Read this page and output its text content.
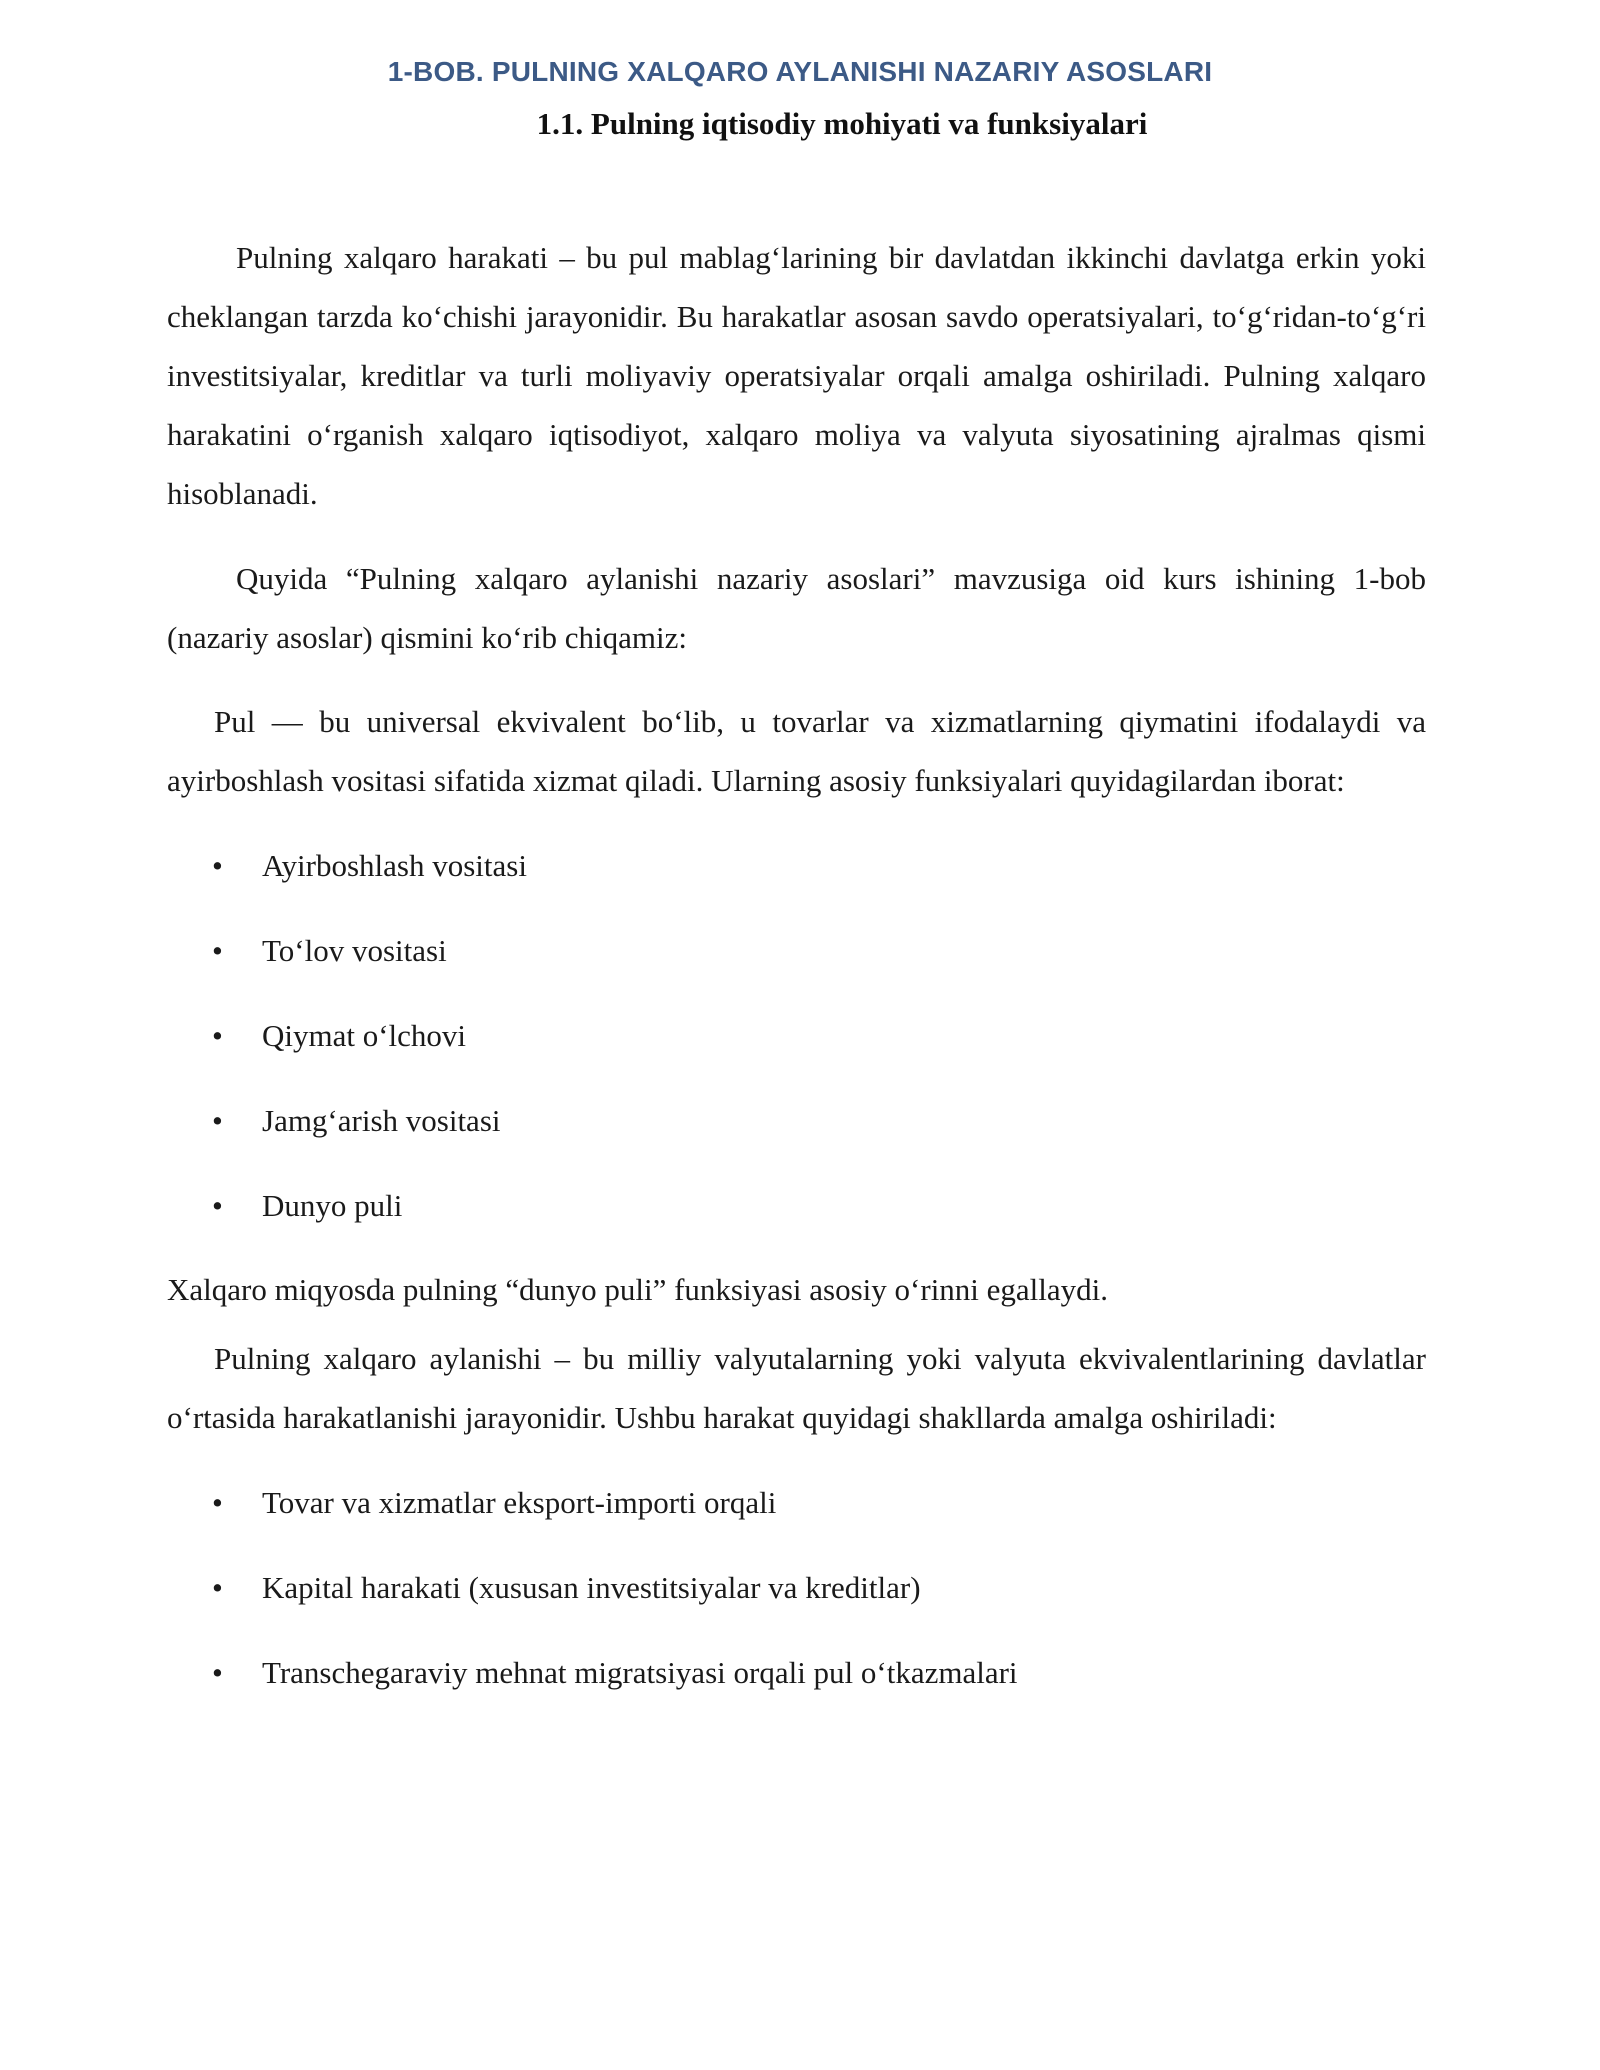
1-BOB. PULNING XALQARO AYLANISHI NAZARIY ASOSLARI
1.1. Pulning iqtisodiy mohiyati va funksiyalari

Pulning xalqaro harakati – bu pul mablag‘larining bir davlatdan ikkinchi davlatga erkin yoki cheklangan tarzda ko‘chishi jarayonidir. Bu harakatlar asosan savdo operatsiyalari, to‘g‘ridan-to‘g‘ri investitsiyalar, kreditlar va turli moliyaviy operatsiyalar orqali amalga oshiriladi. Pulning xalqaro harakatini o‘rganish xalqaro iqtisodiyot, xalqaro moliya va valyuta siyosatining ajralmas qismi hisoblanadi.

Quyida “Pulning xalqaro aylanishi nazariy asoslari” mavzusiga oid kurs ishining 1-bob (nazariy asoslar) qismini ko‘rib chiqamiz:

Pul — bu universal ekvivalent bo‘lib, u tovarlar va xizmatlarning qiymatini ifodalaydi va ayirboshlash vositasi sifatida xizmat qiladi. Ularning asosiy funksiyalari quyidagilardan iborat:

• Ayirboshlash vositasi
• To‘lov vositasi
• Qiymat o‘lchovi
• Jamg‘arish vositasi
• Dunyo puli

Xalqaro miqyosda pulning “dunyo puli” funksiyasi asosiy o‘rinni egallaydi.

Pulning xalqaro aylanishi – bu milliy valyutalarning yoki valyuta ekvivalentlarining davlatlar o‘rtasida harakatlanishi jarayonidir. Ushbu harakat quyidagi shakllarda amalga oshiriladi:

• Tovar va xizmatlar eksport-importi orqali
• Kapital harakati (xususan investitsiyalar va kreditlar)
• Transchegaraviy mehnat migratsiyasi orqali pul o‘tkazmalari
